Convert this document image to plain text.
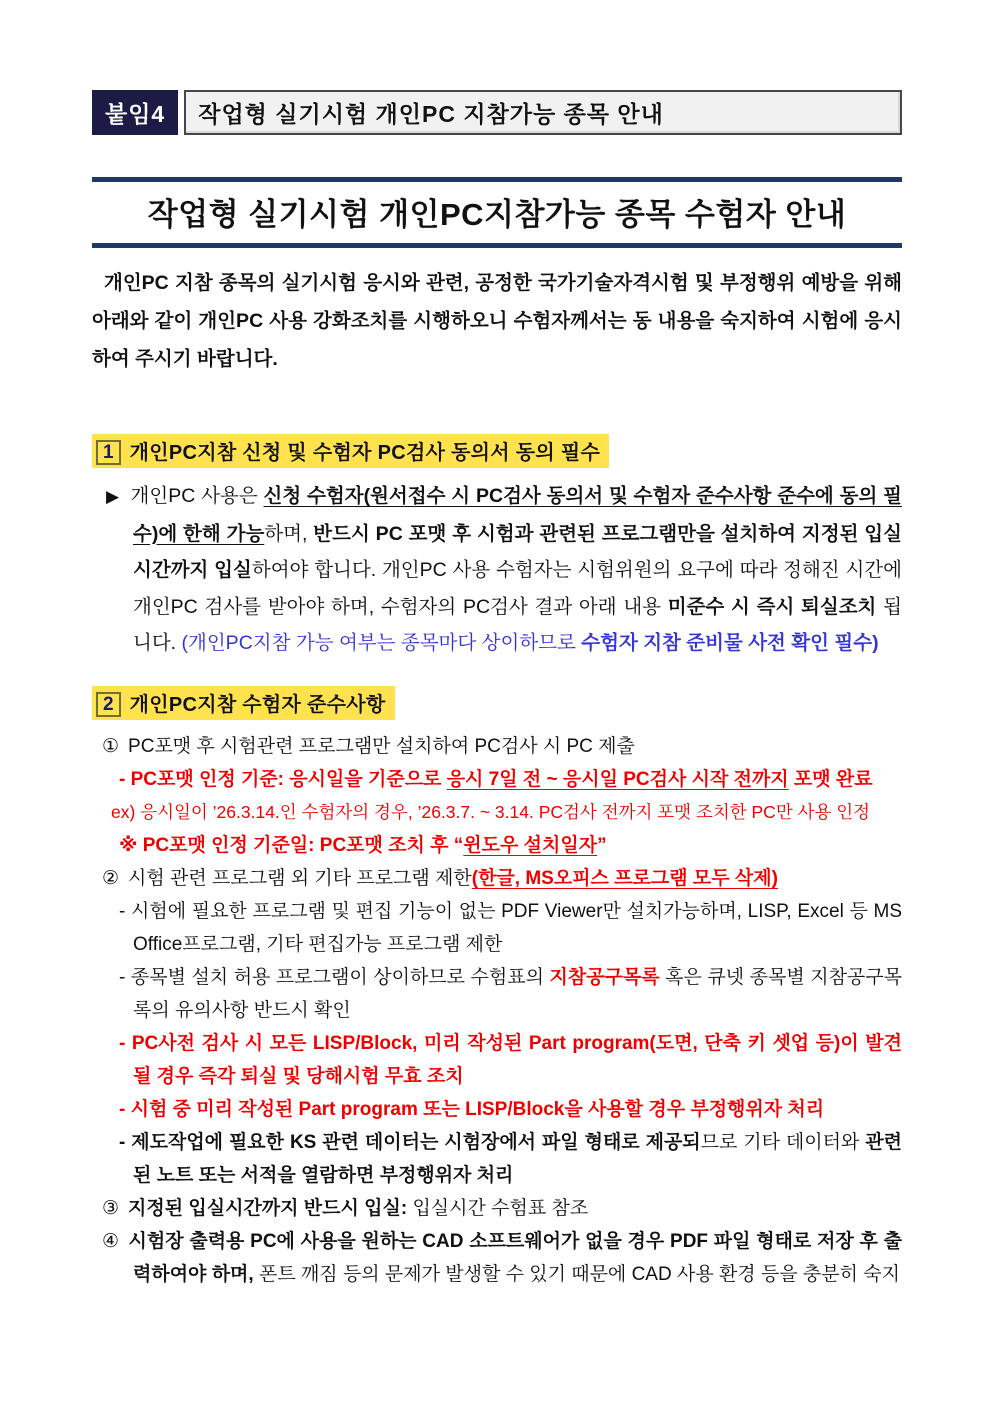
붙임4	작업형 실기시험 개인PC 지참가능 종목 안내
작업형 실기시험 개인PC지참가능 종목 수험자 안내

개인PC 지참 종목의 실기시험 응시와 관련, 공정한 국가기술자격시험 및 부정행위 예방을 위해 아래와 같이 개인PC 사용 강화조치를 시행하오니 수험자께서는 동 내용을 숙지하여 시험에 응시하여 주시기 바랍니다.

1 개인PC지참 신청 및 수험자 PC검사 동의서 동의 필수
▶ 개인PC 사용은 신청 수험자(원서접수 시 PC검사 동의서 및 수험자 준수사항 준수에 동의 필수)에 한해 가능하며, 반드시 PC 포맷 후 시험과 관련된 프로그램만을 설치하여 지정된 입실시간까지 입실하여야 합니다. 개인PC 사용 수험자는 시험위원의 요구에 따라 정해진 시간에 개인PC 검사를 받아야 하며, 수험자의 PC검사 결과 아래 내용 미준수 시 즉시 퇴실조치 됩니다. (개인PC지참 가능 여부는 종목마다 상이하므로 수험자 지참 준비물 사전 확인 필수)
2 개인PC지참 수험자 준수사항
① PC포맷 후 시험관련 프로그램만 설치하여 PC검사 시 PC 제출
- PC포맷 인정 기준: 응시일을 기준으로 응시 7일 전 ~ 응시일 PC검사 시작 전까지 포맷 완료
ex) 응시일이 ’26.3.14.인 수험자의 경우, ’26.3.7. ~ 3.14. PC검사 전까지 포맷 조치한 PC만 사용 인정
※ PC포맷 인정 기준일: PC포맷 조치 후 “윈도우 설치일자”
② 시험 관련 프로그램 외 기타 프로그램 제한(한글, MS오피스 프로그램 모두 삭제)
- 시험에 필요한 프로그램 및 편집 기능이 없는 PDF Viewer만 설치가능하며, LISP, Excel 등 MS Office프로그램, 기타 편집가능 프로그램 제한
- 종목별 설치 허용 프로그램이 상이하므로 수험표의 지참공구목록 혹은 큐넷 종목별 지참공구목록의 유의사항 반드시 확인
- PC사전 검사 시 모든 LISP/Block, 미리 작성된 Part program(도면, 단축 키 셋업 등)이 발견될 경우 즉각 퇴실 및 당해시험 무효 조치
- 시험 중 미리 작성된 Part program 또는 LISP/Block을 사용할 경우 부정행위자 처리
- 제도작업에 필요한 KS 관련 데이터는 시험장에서 파일 형태로 제공되므로 기타 데이터와 관련된 노트 또는 서적을 열람하면 부정행위자 처리
③ 지정된 입실시간까지 반드시 입실: 입실시간 수험표 참조
④ 시험장 출력용 PC에 사용을 원하는 CAD 소프트웨어가 없을 경우 PDF 파일 형태로 저장 후 출력하여야 하며, 폰트 깨짐 등의 문제가 발생할 수 있기 때문에 CAD 사용 환경 등을 충분히 숙지
